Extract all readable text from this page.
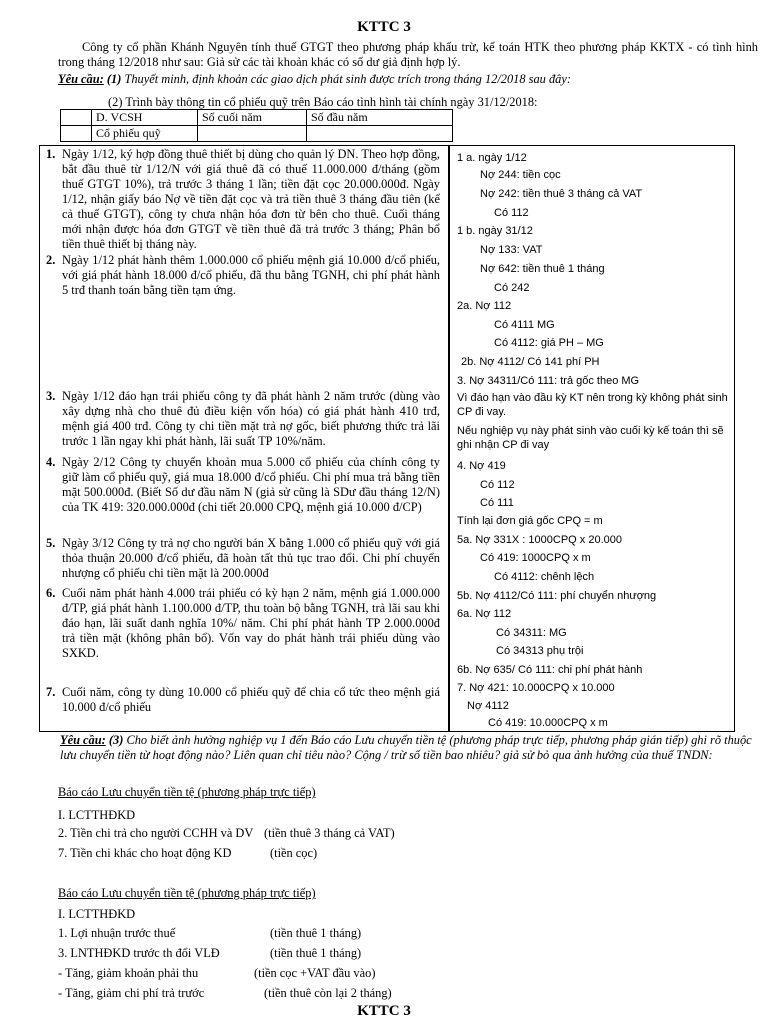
KTTC 3
Công ty cổ phần Khánh Nguyên tính thuế GTGT theo phương pháp khấu trừ, kế toán HTK theo phương pháp KKTX - có tình hình trong tháng 12/2018 như sau: Giả sử các tài khoản khác có số dư giả định hợp lý.
Yêu cầu: (1) Thuyết minh, định khoản các giao dịch phát sinh được trích trong tháng 12/2018 sau đây:
(2) Trình bày thông tin cổ phiếu quỹ trên Báo cáo tình hình tài chính ngày 31/12/2018:
	D. VCSH	Số cuối năm	Số đầu năm
	Cổ phiếu quỹ		
1. Ngày 1/12, ký hợp đồng thuê thiết bị dùng cho quản lý DN. Theo hợp đồng, bắt đầu thuê từ 1/12/N với giá thuê đã có thuế 11.000.000 đ/tháng (gồm thuế GTGT 10%), trả trước 3 tháng 1 lần; tiền đặt cọc 20.000.000đ. Ngày 1/12, nhận giấy báo Nợ về tiền đặt cọc và trả tiền thuê 3 tháng đầu tiên (kể cả thuế GTGT), công ty chưa nhận hóa đơn từ bên cho thuê. Cuối tháng mới nhận được hóa đơn GTGT về tiền thuê đã trả trước 3 tháng; Phân bổ tiền thuê thiết bị tháng này.
2. Ngày 1/12 phát hành thêm 1.000.000 cổ phiếu mệnh giá 10.000 đ/cổ phiếu, với giá phát hành 18.000 đ/cổ phiếu, đã thu bằng TGNH, chi phí phát hành 5 trđ thanh toán bằng tiền tạm ứng.
3. Ngày 1/12 đáo hạn trái phiếu công ty đã phát hành 2 năm trước (dùng vào xây dựng nhà cho thuê đủ điều kiện vốn hóa) có giá phát hành 410 trđ, mệnh giá 400 trđ. Công ty chi tiền mặt trả nợ gốc, biết phương thức trả lãi trước 1 lần ngay khi phát hành, lãi suất TP 10%/năm.
4. Ngày 2/12 Công ty chuyển khoản mua 5.000 cổ phiếu của chính công ty giữ làm cổ phiếu quỹ, giá mua 18.000 đ/cổ phiếu. Chi phí mua trả bằng tiền mặt 500.000đ. (Biết Số dư đầu năm N (giả sử cũng là SDư đầu tháng 12/N) của TK 419: 320.000.000đ (chi tiết 20.000 CPQ, mệnh giá 10.000 đ/CP)
5. Ngày 3/12 Công ty trả nợ cho người bán X bằng 1.000 cổ phiếu quỹ với giá thỏa thuận 20.000 đ/cổ phiếu, đã hoàn tất thủ tục trao đổi. Chi phí chuyển nhượng cổ phiếu chi tiền mặt là 200.000đ
6. Cuối năm phát hành 4.000 trái phiếu có kỳ hạn 2 năm, mệnh giá 1.000.000 đ/TP, giá phát hành 1.100.000 đ/TP, thu toàn bộ bằng TGNH, trả lãi sau khi đáo hạn, lãi suất danh nghĩa 10%/ năm. Chi phí phát hành TP 2.000.000đ trả tiền mặt (không phân bổ). Vốn vay do phát hành trái phiếu dùng vào SXKD.
7. Cuối năm, công ty dùng 10.000 cổ phiếu quỹ để chia cổ tức theo mệnh giá 10.000 đ/cổ phiếu
1 a. ngày 1/12
Nợ 244: tiền cọc
Nợ 242: tiền thuê 3 tháng cả VAT
Có 112
1 b. ngày 31/12
Nợ 133: VAT
Nợ 642: tiền thuê 1 tháng
Có 242
2a. Nợ 112
Có 4111 MG
Có 4112: giá PH – MG
2b. Nợ 4112/ Có 141 phí PH
3. Nợ 34311/Có 111: trả gốc theo MG
Vì đáo hạn vào đầu kỳ KT nên trong kỳ không phát sinh CP đi vay.
Nếu nghiệp vụ này phát sinh vào cuối kỳ kế toán thì sẽ ghi nhận CP đi vay
4. Nợ 419
Có 112
Có 111
Tính lại đơn giá gốc CPQ = m
5a. Nợ 331X : 1000CPQ x 20.000
Có 419: 1000CPQ x m
Có 4112: chênh lệch
5b. Nợ 4112/Có 111: phí chuyển nhượng
6a. Nợ 112
Có 34311: MG
Có 34313 phụ trội
6b. Nợ 635/ Có 111: chi phí phát hành
7. Nợ 421: 10.000CPQ x 10.000
Nợ 4112
Có 419: 10.000CPQ x m
Yêu cầu: (3) Cho biết ảnh hưởng nghiệp vụ 1 đến Báo cáo Lưu chuyển tiền tệ (phương pháp trực tiếp, phương pháp gián tiếp) ghi rõ thuộc lưu chuyển tiền từ hoạt động nào? Liên quan chỉ tiêu nào? Cộng / trừ số tiền bao nhiêu? giả sử bỏ qua ảnh hưởng của thuế TNDN:
Báo cáo Lưu chuyển tiền tệ (phương pháp trực tiếp)
I. LCTTHĐKD
2. Tiền chi trả cho người CCHH và DV (tiền thuê 3 tháng cả VAT)
7. Tiền chi khác cho hoạt động KD	(tiền cọc)
Báo cáo Lưu chuyển tiền tệ (phương pháp trực tiếp)
I. LCTTHĐKD
1. Lợi nhuận trước thuế	(tiền thuê 1 tháng)
3. LNTHĐKD trước th đổi VLĐ	(tiền thuê 1 tháng)
- Tăng, giảm khoản phải thu	(tiền cọc +VAT đầu vào)
- Tăng, giảm chi phí trả trước	(tiền thuê còn lại 2 tháng)
KTTC 3
